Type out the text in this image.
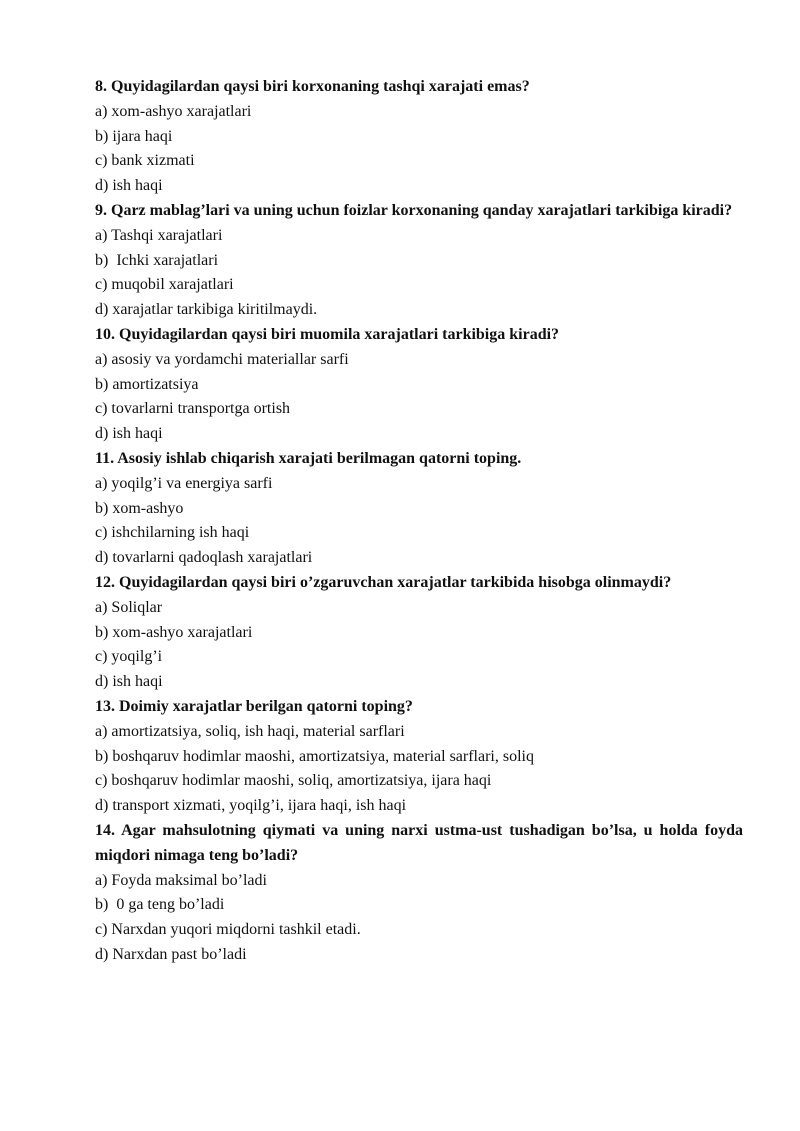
8. Quyidagilardan qaysi biri korxonaning tashqi xarajati emas?

a) xom-ashyo xarajatlari

b) ijara haqi

c) bank xizmati

d) ish haqi

9. Qarz mablag’lari va uning uchun foizlar korxonaning qanday xarajatlari tarkibiga kiradi?

a) Tashqi xarajatlari

b)  Ichki xarajatlari

c) muqobil xarajatlari

d) xarajatlar tarkibiga kiritilmaydi.

10. Quyidagilardan qaysi biri muomila xarajatlari tarkibiga kiradi?

a) asosiy va yordamchi materiallar sarfi

b) amortizatsiya

c) tovarlarni transportga ortish

d) ish haqi

11. Asosiy ishlab chiqarish xarajati berilmagan qatorni toping.

a) yoqilg’i va energiya sarfi

b) xom-ashyo

c) ishchilarning ish haqi

d) tovarlarni qadoqlash xarajatlari

12. Quyidagilardan qaysi biri o’zgaruvchan xarajatlar tarkibida hisobga olinmaydi?

a) Soliqlar

b) xom-ashyo xarajatlari

c) yoqilg’i

d) ish haqi

13. Doimiy xarajatlar berilgan qatorni toping?

a) amortizatsiya, soliq, ish haqi, material sarflari

b) boshqaruv hodimlar maoshi, amortizatsiya, material sarflari, soliq

c) boshqaruv hodimlar maoshi, soliq, amortizatsiya, ijara haqi

d) transport xizmati, yoqilg’i, ijara haqi, ish haqi

14. Agar mahsulotning qiymati va uning narxi ustma-ust tushadigan bo’lsa, u holda foyda miqdori nimaga teng bo’ladi?

a) Foyda maksimal bo’ladi

b)  0 ga teng bo’ladi

c) Narxdan yuqori miqdorni tashkil etadi.

d) Narxdan past bo’ladi
